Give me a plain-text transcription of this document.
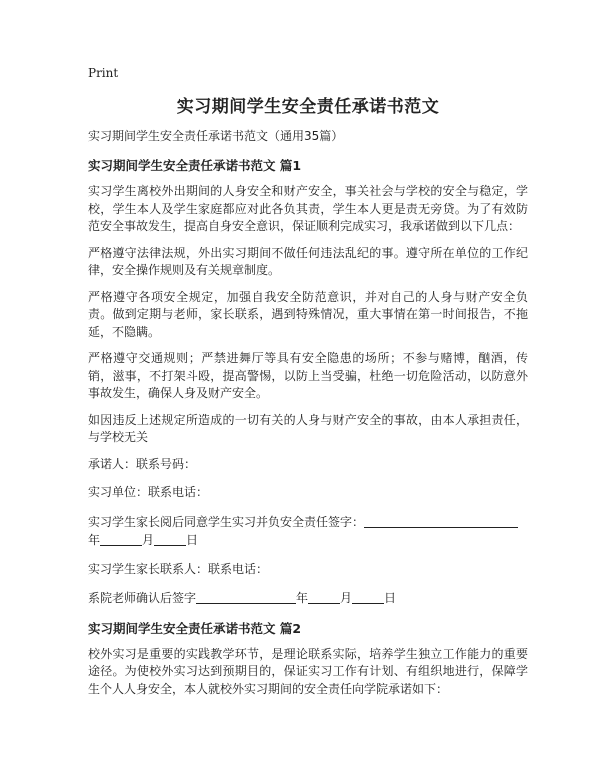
Print
实习期间学生安全责任承诺书范文
实习期间学生安全责任承诺书范文（通用35篇）
实习期间学生安全责任承诺书范文 篇1

实习学生离校外出期间的人身安全和财产安全，事关社会与学校的安全与稳定，学校，学生本人及学生家庭都应对此各负其责，学生本人更是责无旁贷。为了有效防范安全事故发生，提高自身安全意识，保证顺利完成实习，我承诺做到以下几点：

严格遵守法律法规，外出实习期间不做任何违法乱纪的事。遵守所在单位的工作纪律，安全操作规则及有关规章制度。

严格遵守各项安全规定，加强自我安全防范意识，并对自己的人身与财产安全负责。做到定期与老师，家长联系，遇到特殊情况，重大事情在第一时间报告，不拖延，不隐瞒。

严格遵守交通规则；严禁进舞厅等具有安全隐患的场所；不参与赌博，酗酒，传销，滋事，不打架斗殴，提高警惕，以防上当受骗，杜绝一切危险活动，以防意外事故发生，确保人身及财产安全。

如因违反上述规定所造成的一切有关的人身与财产安全的事故，由本人承担责任，与学校无关

承诺人：联系号码：
实习单位：联系电话：
实习学生家长阅后同意学生实习并负安全责任签字：
年	月	日
实习学生家长联系人：联系电话：
系院老师确认后签字	年	月	日
实习期间学生安全责任承诺书范文 篇2

校外实习是重要的实践教学环节，是理论联系实际，培养学生独立工作能力的重要途径。为使校外实习达到预期目的，保证实习工作有计划、有组织地进行，保障学生个人人身安全，本人就校外实习期间的安全责任向学院承诺如下：
